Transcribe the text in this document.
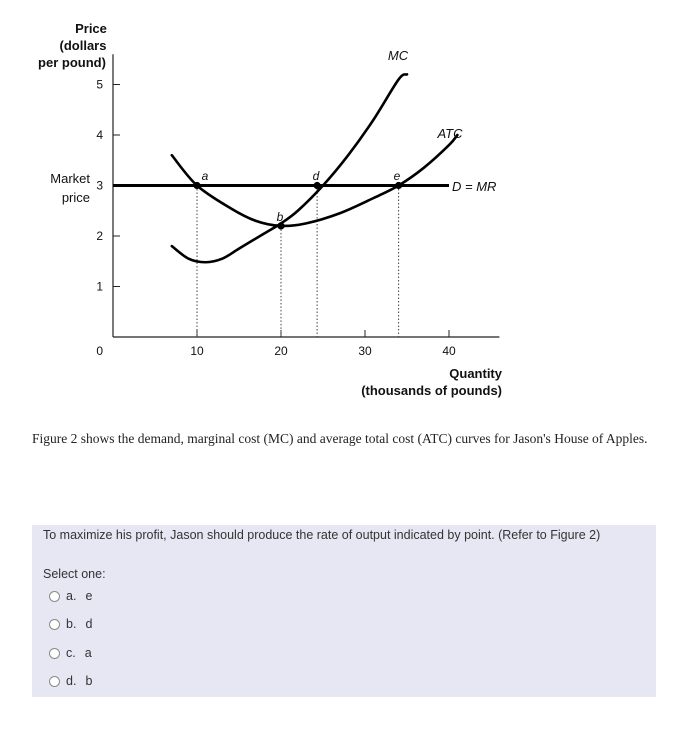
Price
(dollars
per pound)
Market
price
Quantity
(thousands of pounds)
0
1
2
3
4
5
10	20	30	40
MC
ATC
D = MR
a
b
d	e
Figure 2 shows the demand, marginal cost (MC) and average total cost (ATC) curves for Jason's House of Apples.
To maximize his profit, Jason should produce the rate of output indicated by point. (Refer to Figure 2)
Select one:
a. e
b. d
c. a
d. b
